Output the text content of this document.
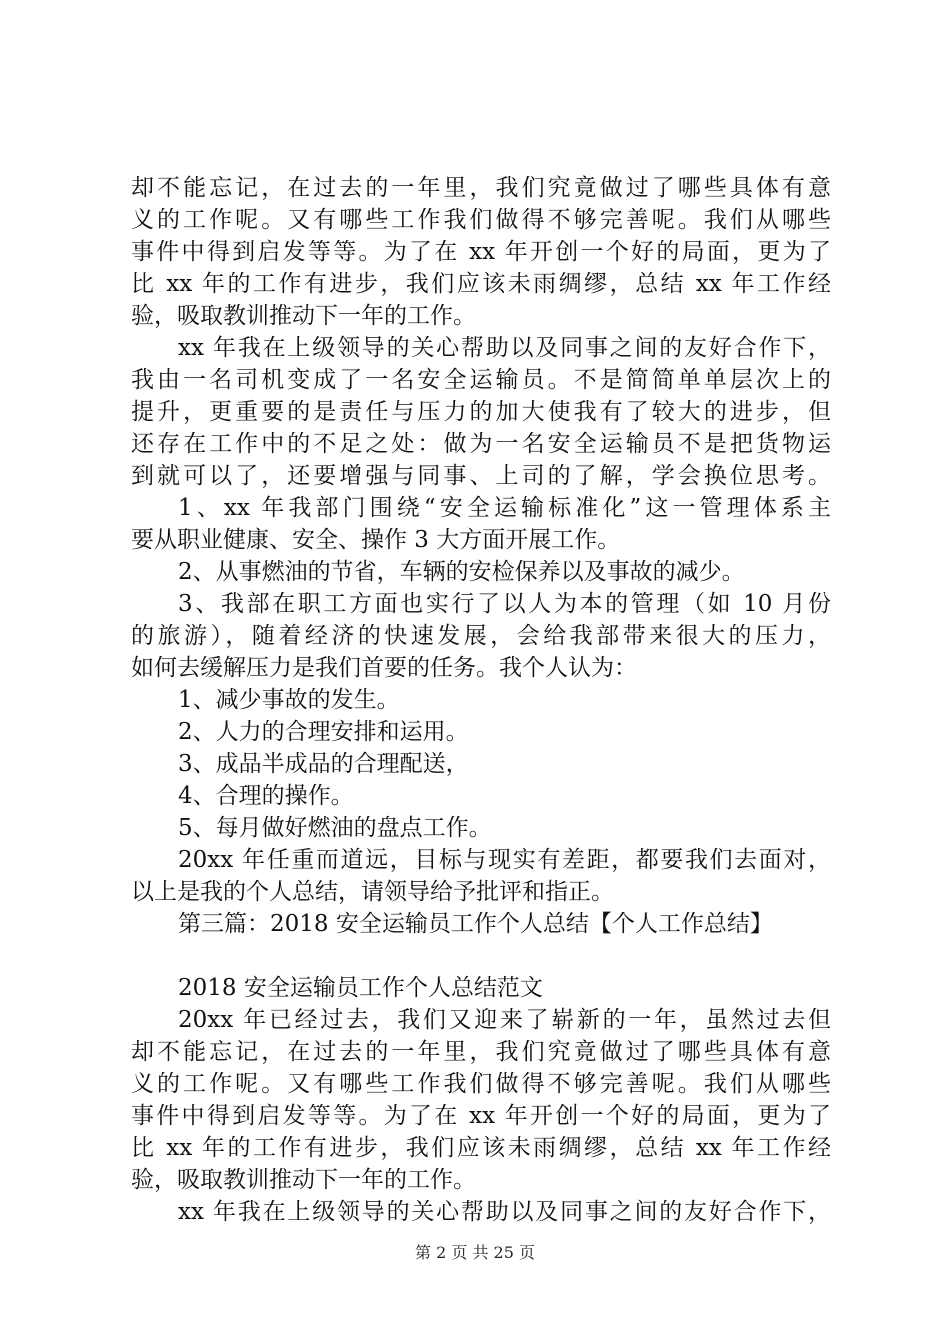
却不能忘记，在过去的一年里，我们究竟做过了哪些具体有意
义的工作呢。又有哪些工作我们做得不够完善呢。我们从哪些
事件中得到启发等等。为了在 xx 年开创一个好的局面，更为了
比 xx 年的工作有进步，我们应该未雨绸缪，总结 xx 年工作经
验，吸取教训推动下一年的工作。
xx 年我在上级领导的关心帮助以及同事之间的友好合作下，
我由一名司机变成了一名安全运输员。不是简简单单层次上的
提升，更重要的是责任与压力的加大使我有了较大的进步，但
还存在工作中的不足之处：做为一名安全运输员不是把货物运
到就可以了，还要增强与同事、上司的了解，学会换位思考。
1、xx 年我部门围绕“安全运输标准化”这一管理体系主
要从职业健康、安全、操作 3 大方面开展工作。
2、从事燃油的节省，车辆的安检保养以及事故的减少。
3、我部在职工方面也实行了以人为本的管理（如 10 月份
的旅游），随着经济的快速发展，会给我部带来很大的压力，
如何去缓解压力是我们首要的任务。我个人认为：
1、减少事故的发生。
2、人力的合理安排和运用。
3、成品半成品的合理配送，
4、合理的操作。
5、每月做好燃油的盘点工作。
20xx 年任重而道远，目标与现实有差距，都要我们去面对，
以上是我的个人总结，请领导给予批评和指正。
第三篇：2018 安全运输员工作个人总结【个人工作总结】
2018 安全运输员工作个人总结范文
20xx 年已经过去，我们又迎来了崭新的一年，虽然过去但
却不能忘记，在过去的一年里，我们究竟做过了哪些具体有意
义的工作呢。又有哪些工作我们做得不够完善呢。我们从哪些
事件中得到启发等等。为了在 xx 年开创一个好的局面，更为了
比 xx 年的工作有进步，我们应该未雨绸缪，总结 xx 年工作经
验，吸取教训推动下一年的工作。
xx 年我在上级领导的关心帮助以及同事之间的友好合作下，
第 2 页 共 25 页
